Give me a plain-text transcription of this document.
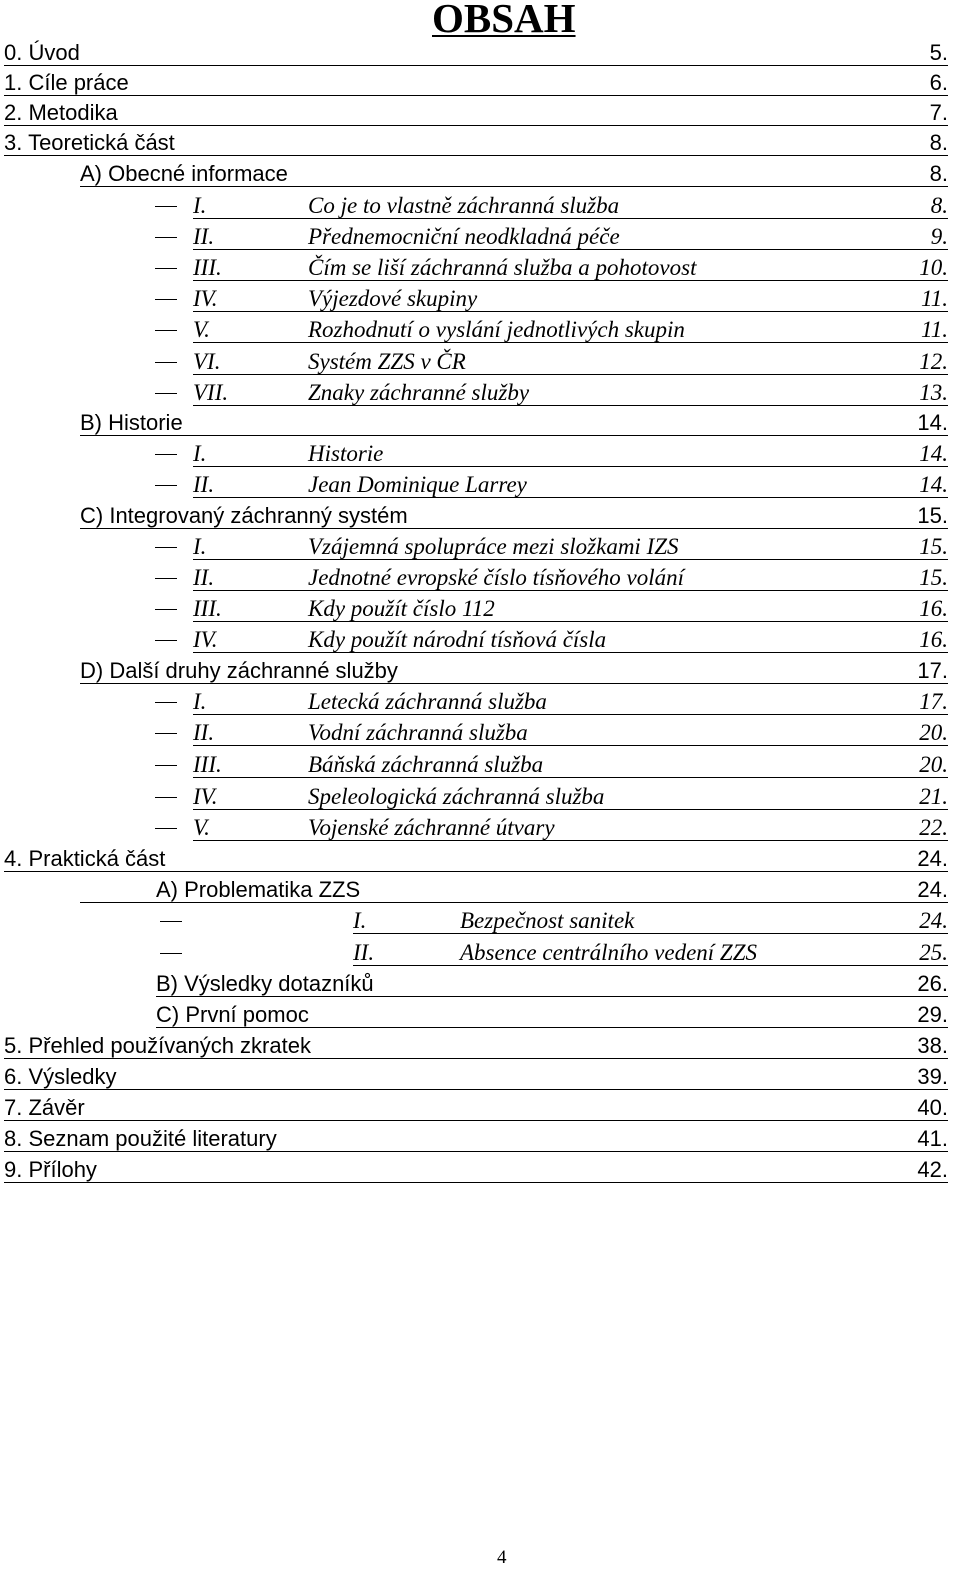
OBSAH
0. Úvod	5.
1. Cíle práce	6.
2. Metodika	7.
3. Teoretická část	8.
A) Obecné informace	8.
I.	Co je to vlastně záchranná služba	8.
II.	Přednemocniční neodkladná péče	9.
III.	Čím se liší záchranná služba a pohotovost	10.
IV.	Výjezdové skupiny	11.
V.	Rozhodnutí o vyslání jednotlivých skupin	11.
VI.	Systém ZZS v ČR	12.
VII.	Znaky záchranné služby	13.
B) Historie	14.
I.	Historie	14.
II.	Jean Dominique Larrey	14.
C) Integrovaný záchranný systém	15.
I.	Vzájemná spolupráce mezi složkami IZS	15.
II.	Jednotné evropské číslo tísňového volání	15.
III.	Kdy použít číslo 112	16.
IV.	Kdy použít národní tísňová čísla	16.
D) Další druhy záchranné služby	17.
I.	Letecká záchranná služba	17.
II.	Vodní záchranná služba	20.
III.	Báňská záchranná služba	20.
IV.	Speleologická záchranná služba	21.
V.	Vojenské záchranné útvary	22.
4. Praktická část	24.
A) Problematika ZZS	24.
I.	Bezpečnost sanitek	24.
II.	Absence centrálního vedení ZZS	25.
B) Výsledky dotazníků	26.
C) První pomoc	29.
5. Přehled používaných zkratek	38.
6. Výsledky	39.
7. Závěr	40.
8. Seznam použité literatury	41.
9. Přílohy	42.

4
